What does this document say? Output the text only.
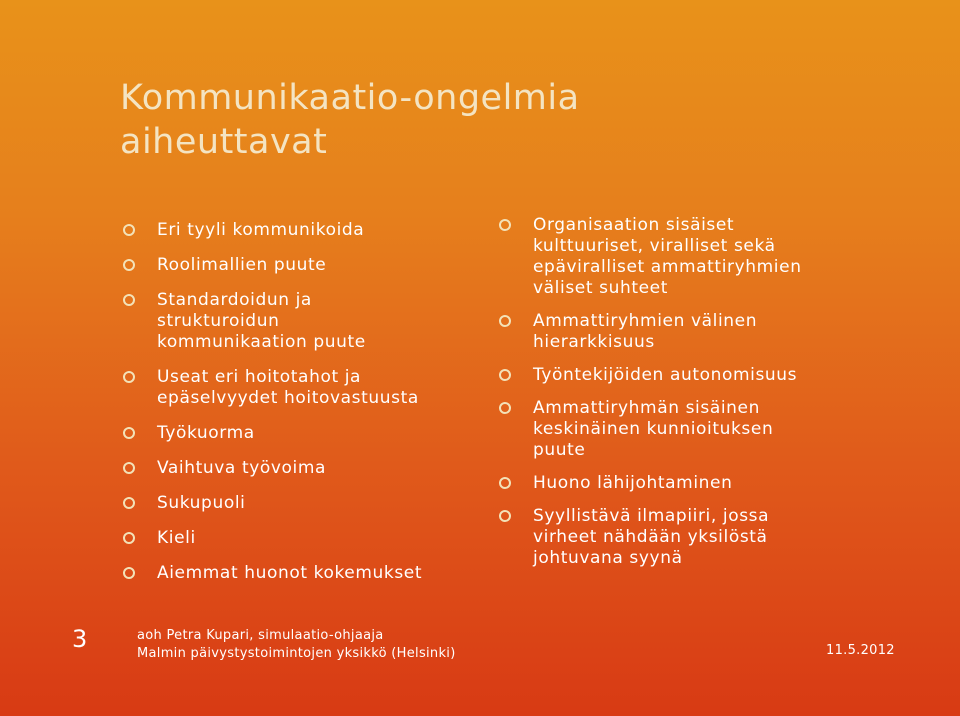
Kommunikaatio-ongelmia
aiheuttavat
Eri tyyli kommunikoida
Roolimallien puute
Standardoidun ja
strukturoidun
kommunikaation puute
Useat eri hoitotahot ja
epäselvyydet hoitovastuusta
Työkuorma
Vaihtuva työvoima
Sukupuoli
Kieli
Aiemmat huonot kokemukset
Organisaation sisäiset
kulttuuriset, viralliset sekä
epäviralliset ammattiryhmien
väliset suhteet
Ammattiryhmien välinen
hierarkkisuus
Työntekijöiden autonomisuus
Ammattiryhmän sisäinen
keskinäinen kunnioituksen
puute
Huono lähijohtaminen
Syyllistävä ilmapiiri, jossa
virheet nähdään yksilöstä
johtuvana syynä
3	aoh Petra Kupari, simulaatio-ohjaaja
Malmin päivystystoimintojen yksikkö (Helsinki)	11.5.2012
